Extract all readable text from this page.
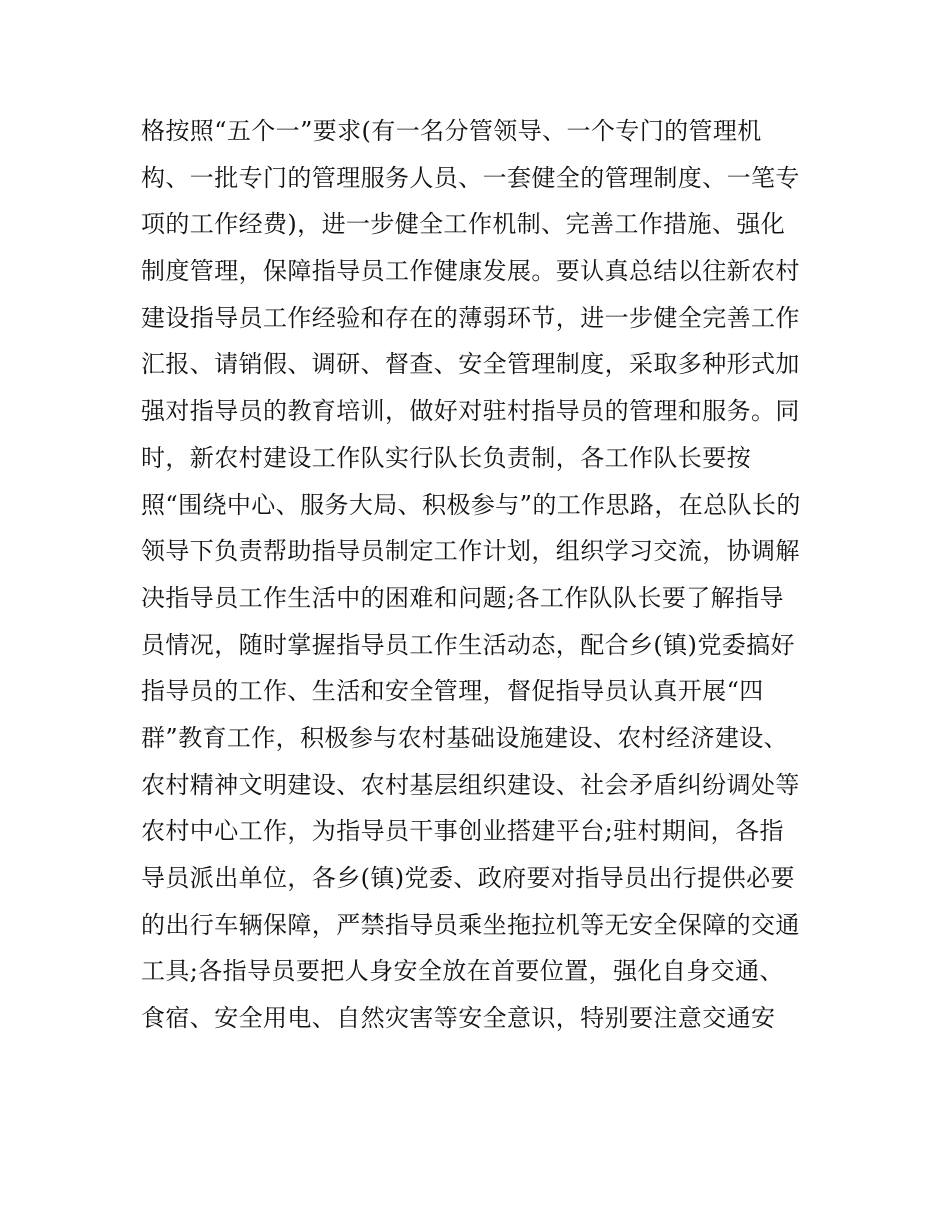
格按照“五个一”要求(有一名分管领导、一个专门的管理机
构、一批专门的管理服务人员、一套健全的管理制度、一笔专
项的工作经费)，进一步健全工作机制、完善工作措施、强化
制度管理，保障指导员工作健康发展。要认真总结以往新农村
建设指导员工作经验和存在的薄弱环节，进一步健全完善工作
汇报、请销假、调研、督查、安全管理制度，采取多种形式加
强对指导员的教育培训，做好对驻村指导员的管理和服务。同
时，新农村建设工作队实行队长负责制，各工作队长要按
照“围绕中心、服务大局、积极参与”的工作思路，在总队长的
领导下负责帮助指导员制定工作计划，组织学习交流，协调解
决指导员工作生活中的困难和问题;各工作队队长要了解指导
员情况，随时掌握指导员工作生活动态，配合乡(镇)党委搞好
指导员的工作、生活和安全管理，督促指导员认真开展“四
群”教育工作，积极参与农村基础设施建设、农村经济建设、
农村精神文明建设、农村基层组织建设、社会矛盾纠纷调处等
农村中心工作，为指导员干事创业搭建平台;驻村期间，各指
导员派出单位，各乡(镇)党委、政府要对指导员出行提供必要
的出行车辆保障，严禁指导员乘坐拖拉机等无安全保障的交通
工具;各指导员要把人身安全放在首要位置，强化自身交通、
食宿、安全用电、自然灾害等安全意识，特别要注意交通安
